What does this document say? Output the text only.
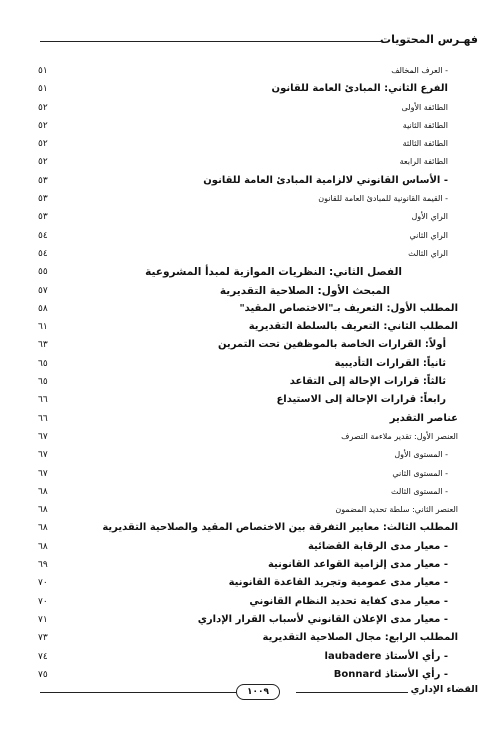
فهـرس المحتويات
- العرف المخالف
٥١
الفرع الثاني: المبادئ العامة للقانون
٥١
الطائفة الأولى
٥٢
الطائفة الثانية
٥٢
الطائفة الثالثة
٥٢
الطائفة الرابعة
٥٢
- الأساس القانوني لالزامية المبادئ العامة للقانون
٥٣
- القيمة القانونية للمبادئ العامة للقانون
٥٣
الراي الأول
٥٣
الراي الثاني
٥٤
الراي الثالث
٥٤
الفصل الثاني: النظريات الموازية لمبدأ المشروعية
٥٥
المبحث الأول: الصلاحية التقديرية
٥٧
المطلب الأول: التعريف بـ"الاختصاص المقيد"
٥٨
المطلب الثاني: التعريف بالسلطة التقديرية
٦١
أولاً: القرارات الخاصة بالموظفين تحت التمرين
٦٣
ثانياً: القرارات التأديبية
٦٥
ثالثاً: قرارات الإحالة إلى التقاعد
٦٥
رابعاً: قرارات الإحالة إلى الاستيداع
٦٦
عناصر التقدير
٦٦
العنصر الأول: تقدير ملاءمة التصرف
٦٧
- المستوى الأول
٦٧
- المستوى الثاني
٦٧
- المستوى الثالث
٦٨
العنصر الثاني: سلطة تحديد المضمون
٦٨
المطلب الثالث: معايير التفرقة بين الاختصاص المقيد والصلاحية التقديرية
٦٨
- معيار مدى الرقابة القضائية
٦٨
- معيار مدى إلزامية القواعد القانونية
٦٩
- معيار مدى عمومية وتجريد القاعدة القانونية
٧٠
- معيار مدى كفاية تحديد النظام القانوني
٧٠
- معيار مدى الإعلان القانوني لأسباب القرار الإداري
٧١
المطلب الرابع: مجال الصلاحية التقديرية
٧٣
- رأي الأستاذ laubadere
٧٤
- رأي الأستاذ Bonnard
٧٥
القضاء الإداري
١٠٠٩
